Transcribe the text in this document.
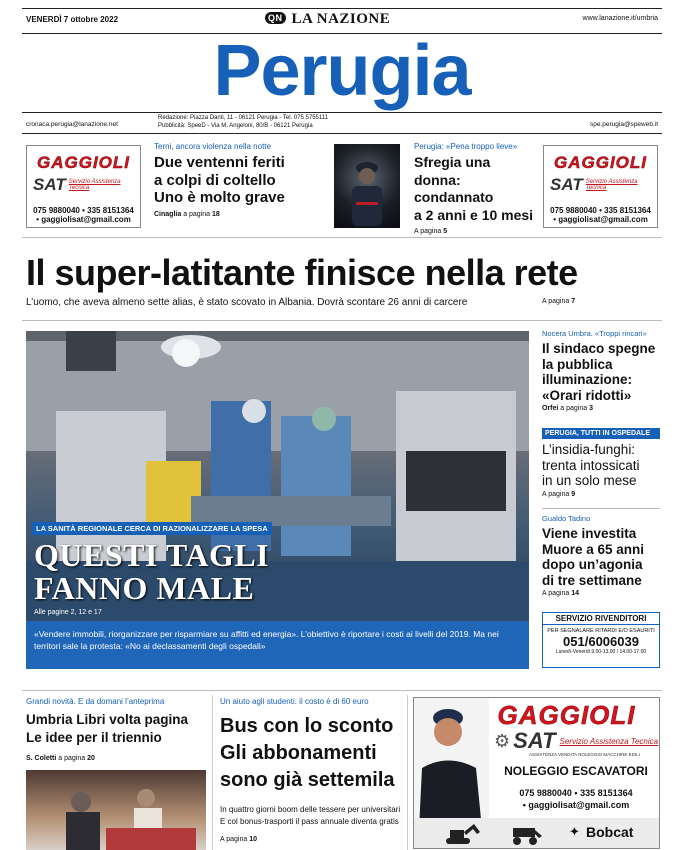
VENERDÌ 7 ottobre 2022	QN LA NAZIONE	www.lanazione.it/umbria
Perugia
cronaca.perugia@lanazione.net
Redazione: Piazza Danti, 11 - 06121 Perugia - Tel. 075 5755111
Pubblicità: SpeeD - Via M. Angeloni, 80/B - 06121 Perugia	spe.perugia@speweb.it
GAGGIOLI
SAT Servizio Assistenza Tecnica
075 9880040 • 335 8151364
• gaggiolisat@gmail.com
Terni, ancora violenza nella notte
Due ventenni feriti
a colpi di coltello
Uno è molto grave
Cinaglia a pagina 18
Perugia: «Pena troppo lieve»
Sfregia una donna:
condannato
a 2 anni e 10 mesi
A pagina 5
GAGGIOLI
SAT Servizio Assistenza Tecnica
075 9880040 • 335 8151364
• gaggiolisat@gmail.com
Il super-latitante finisce nella rete
L’uomo, che aveva almeno sette alias, è stato scovato in Albania. Dovrà scontare 26 anni di carcere	A pagina 7
LA SANITÀ REGIONALE CERCA DI RAZIONALIZZARE LA SPESA
QUESTI TAGLI
FANNO MALE
Alle pagine 2, 12 e 17
«Vendere immobili, riorganizzare per risparmiare su affitti ed energia». L’obiettivo è riportare i costi ai livelli del 2019. Ma nei territori sale la protesta: «No ai declassamenti degli ospedali»
Nocera Umbra. «Troppi rincari»
Il sindaco spegne
la pubblica
illuminazione:
«Orari ridotti»
Orfei a pagina 3
PERUGIA, TUTTI IN OSPEDALE
L’insidia-funghi:
trenta intossicati
in un solo mese
A pagina 9
Gualdo Tadino
Viene investita
Muore a 65 anni
dopo un’agonia
di tre settimane
A pagina 14
SERVIZIO RIVENDITORI
PER SEGNALARE RITARDI E/O ESAURITI
051/6006039
Lunedì-Venerdì 9.00-13.00 / 14.00-17.00
Grandi novità. E da domani l’anteprima
Umbria Libri volta pagina
Le idee per il triennio
S. Coletti a pagina 20
Un aiuto agli studenti: il costo è di 60 euro
Bus con lo sconto
Gli abbonamenti
sono già settemila
In quattro giorni boom delle tessere per universitari
E col bonus-trasporti il pass annuale diventa gratis
A pagina 10
GAGGIOLI
⚙ SAT Servizio Assistenza Tecnica
ASSISTENZA VENDITA NOLEGGIO MACCHINE EDILI
NOLEGGIO ESCAVATORI
075 9880040 • 335 8151364
• gaggiolisat@gmail.com
✦ Bobcat
